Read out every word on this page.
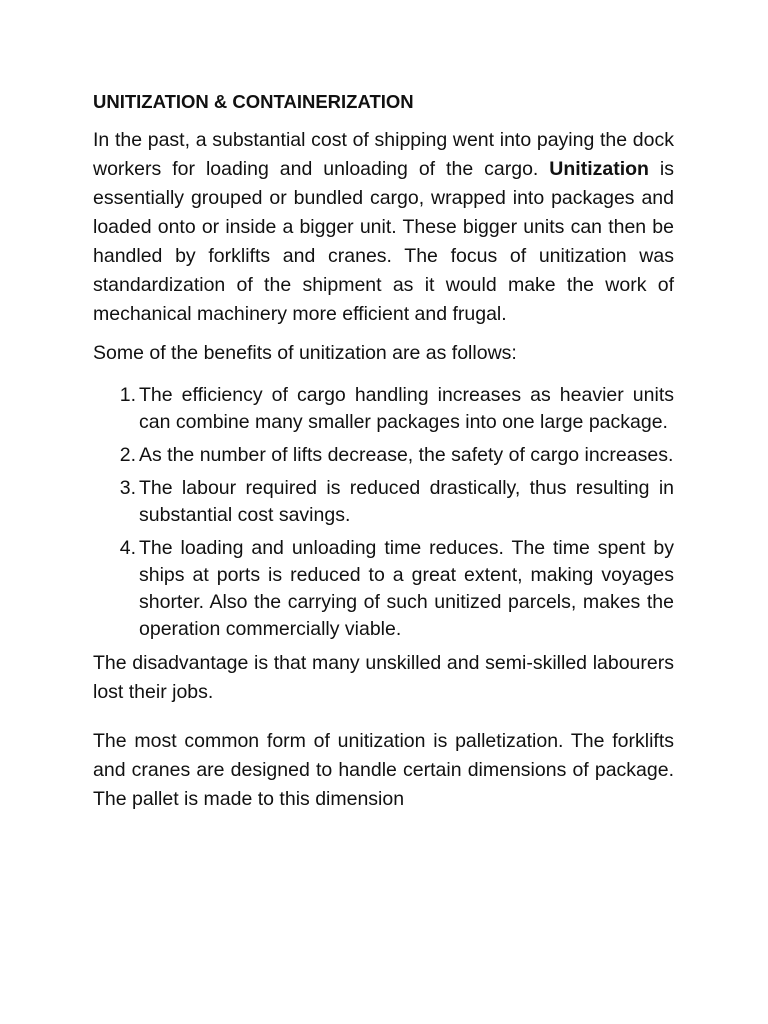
UNITIZATION & CONTAINERIZATION

In the past, a substantial cost of shipping went into paying the dock workers for loading and unloading of the cargo. Unitization is essentially grouped or bundled cargo, wrapped into packages and loaded onto or inside a bigger unit. These bigger units can then be handled by forklifts and cranes. The focus of unitization was standardization of the shipment as it would make the work of mechanical machinery more efficient and frugal.

Some of the benefits of unitization are as follows:

1. The efficiency of cargo handling increases as heavier units can combine many smaller packages into one large package.
2. As the number of lifts decrease, the safety of cargo increases.
3. The labour required is reduced drastically, thus resulting in substantial cost savings.
4. The loading and unloading time reduces. The time spent by ships at ports is reduced to a great extent, making voyages shorter. Also the carrying of such unitized parcels, makes the operation commercially viable.

The disadvantage is that many unskilled and semi-skilled labourers lost their jobs.

The most common form of unitization is palletization. The forklifts and cranes are designed to handle certain dimensions of package. The pallet is made to this dimension
